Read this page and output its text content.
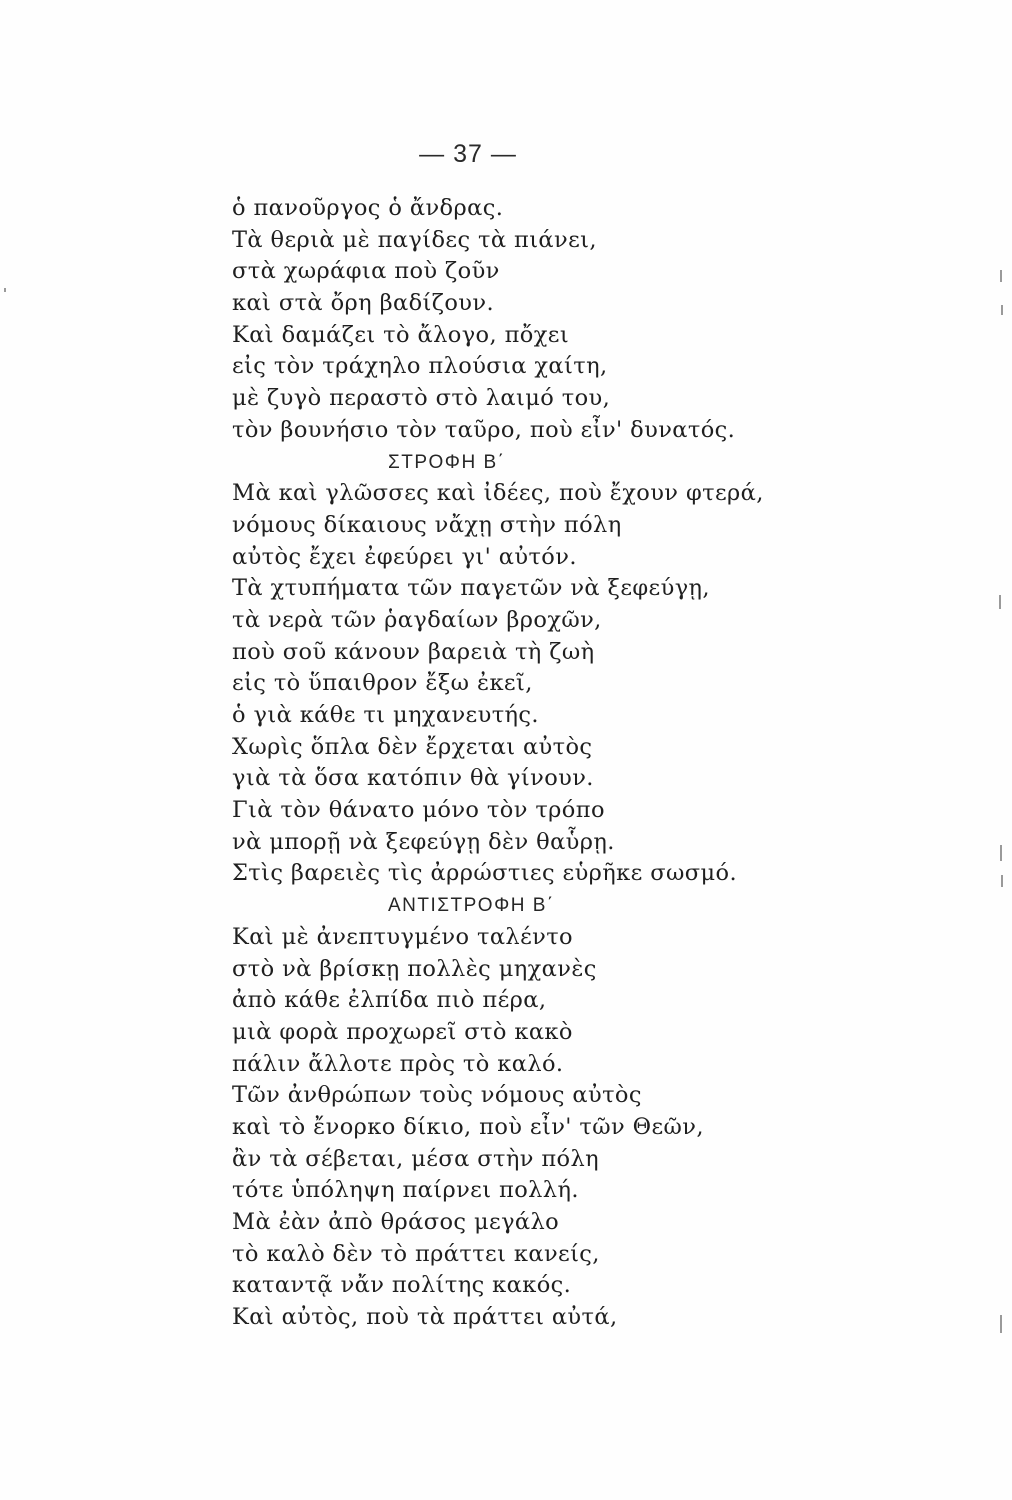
— 37 —
ὁ πανοῦργος ὁ ἄνδρας.
Τὰ θεριὰ μὲ παγίδες τὰ πιάνει,
στὰ χωράφια ποὺ ζοῦν
καὶ στὰ ὄρη βαδίζουν.
Καὶ δαμάζει τὸ ἄλογο, πὄχει
εἰς τὸν τράχηλο πλούσια χαίτη,
μὲ ζυγὸ περαστὸ στὸ λαιμό του,
τὸν βουνήσιο τὸν ταῦρο, ποὺ εἶν' δυνατός.
ΣΤΡΟΦΗ Β΄
Μὰ καὶ γλῶσσες καὶ ἰδέες, ποὺ ἔχουν φτερά,
νόμους δίκαιους νἄχῃ στὴν πόλη
αὐτὸς ἔχει ἐφεύρει γι' αὐτόν.
Τὰ χτυπήματα τῶν παγετῶν νὰ ξεφεύγῃ,
τὰ νερὰ τῶν ῥαγδαίων βροχῶν,
ποὺ σοῦ κάνουν βαρειὰ τὴ ζωὴ
εἰς τὸ ὕπαιθρον ἔξω ἐκεῖ,
ὁ γιὰ κάθε τι μηχανευτής.
Χωρὶς ὅπλα δὲν ἔρχεται αὐτὸς
γιὰ τὰ ὅσα κατόπιν θὰ γίνουν.
Γιὰ τὸν θάνατο μόνο τὸν τρόπο
νὰ μπορῇ νὰ ξεφεύγῃ δὲν θαὗρῃ.
Στὶς βαρειὲς τὶς ἀρρώστιες εὑρῆκε σωσμό.
ΑΝΤΙΣΤΡΟΦΗ Β΄
Καὶ μὲ ἀνεπτυγμένο ταλέντο
στὸ νὰ βρίσκῃ πολλὲς μηχανὲς
ἀπὸ κάθε ἐλπίδα πιὸ πέρα,
μιὰ φορὰ προχωρεῖ στὸ κακὸ
πάλιν ἄλλοτε πρὸς τὸ καλό.
Τῶν ἀνθρώπων τοὺς νόμους αὐτὸς
καὶ τὸ ἔνορκο δίκιο, ποὺ εἶν' τῶν Θεῶν,
ἂν τὰ σέβεται, μέσα στὴν πόλη
τότε ὑπόληψη παίρνει πολλή.
Μὰ ἐὰν ἀπὸ θράσος μεγάλο
τὸ καλὸ δὲν τὸ πράττει κανείς,
καταντᾷ νἄν πολίτης κακός.
Καὶ αὐτὸς, ποὺ τὰ πράττει αὐτά,
